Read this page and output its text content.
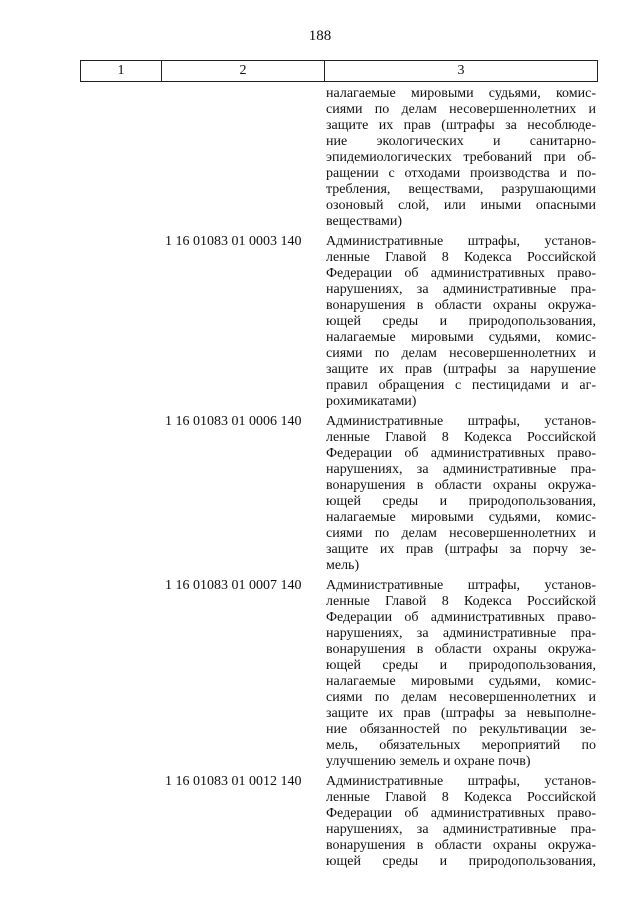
188
1	2	3
налагаемые мировыми судьями, комис-
сиями по делам несовершеннолетних и
защите их прав (штрафы за несоблюде-
ние экологических и санитарно-
эпидемиологических требований при об-
ращении с отходами производства и по-
требления, веществами, разрушающими
озоновый слой, или иными опасными
веществами)
1 16 01083 01 0003 140	Административные штрафы, установ-
ленные Главой 8 Кодекса Российской
Федерации об административных право-
нарушениях, за административные пра-
вонарушения в области охраны окружа-
ющей среды и природопользования,
налагаемые мировыми судьями, комис-
сиями по делам несовершеннолетних и
защите их прав (штрафы за нарушение
правил обращения с пестицидами и аг-
рохимикатами)
1 16 01083 01 0006 140	Административные штрафы, установ-
ленные Главой 8 Кодекса Российской
Федерации об административных право-
нарушениях, за административные пра-
вонарушения в области охраны окружа-
ющей среды и природопользования,
налагаемые мировыми судьями, комис-
сиями по делам несовершеннолетних и
защите их прав (штрафы за порчу зе-
мель)
1 16 01083 01 0007 140	Административные штрафы, установ-
ленные Главой 8 Кодекса Российской
Федерации об административных право-
нарушениях, за административные пра-
вонарушения в области охраны окружа-
ющей среды и природопользования,
налагаемые мировыми судьями, комис-
сиями по делам несовершеннолетних и
защите их прав (штрафы за невыполне-
ние обязанностей по рекультивации зе-
мель, обязательных мероприятий по
улучшению земель и охране почв)
1 16 01083 01 0012 140	Административные штрафы, установ-
ленные Главой 8 Кодекса Российской
Федерации об административных право-
нарушениях, за административные пра-
вонарушения в области охраны окружа-
ющей среды и природопользования,
